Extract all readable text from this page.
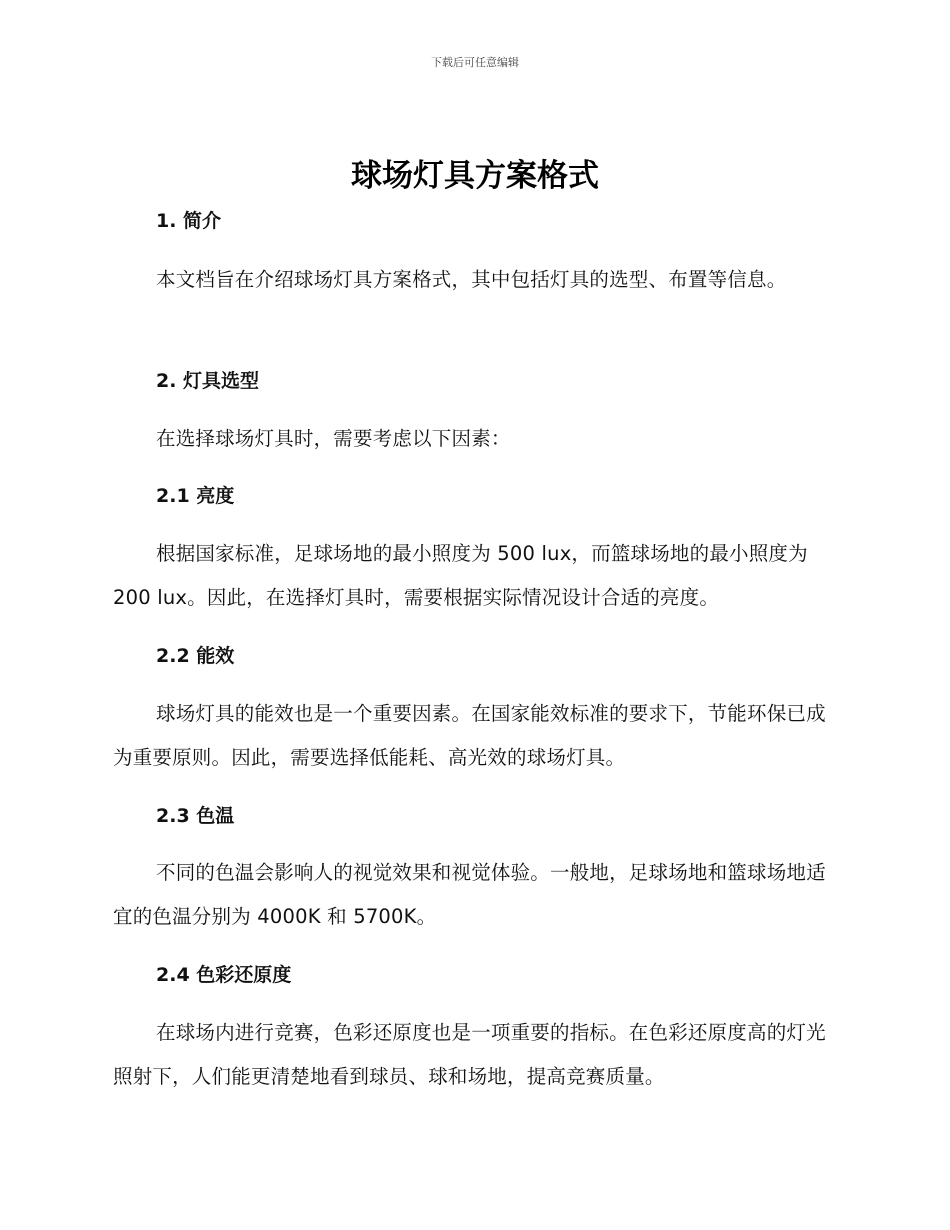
下载后可任意编辑
球场灯具方案格式
1. 简介

本文档旨在介绍球场灯具方案格式，其中包括灯具的选型、布置等信息。

2. 灯具选型

在选择球场灯具时，需要考虑以下因素：

2.1 亮度

根据国家标准，足球场地的最小照度为 500 lux，而篮球场地的最小照度为 200 lux。因此，在选择灯具时，需要根据实际情况设计合适的亮度。

2.2 能效

球场灯具的能效也是一个重要因素。在国家能效标准的要求下，节能环保已成为重要原则。因此，需要选择低能耗、高光效的球场灯具。

2.3 色温

不同的色温会影响人的视觉效果和视觉体验。一般地，足球场地和篮球场地适宜的色温分别为 4000K 和 5700K。

2.4 色彩还原度

在球场内进行竞赛，色彩还原度也是一项重要的指标。在色彩还原度高的灯光照射下，人们能更清楚地看到球员、球和场地，提高竞赛质量。
